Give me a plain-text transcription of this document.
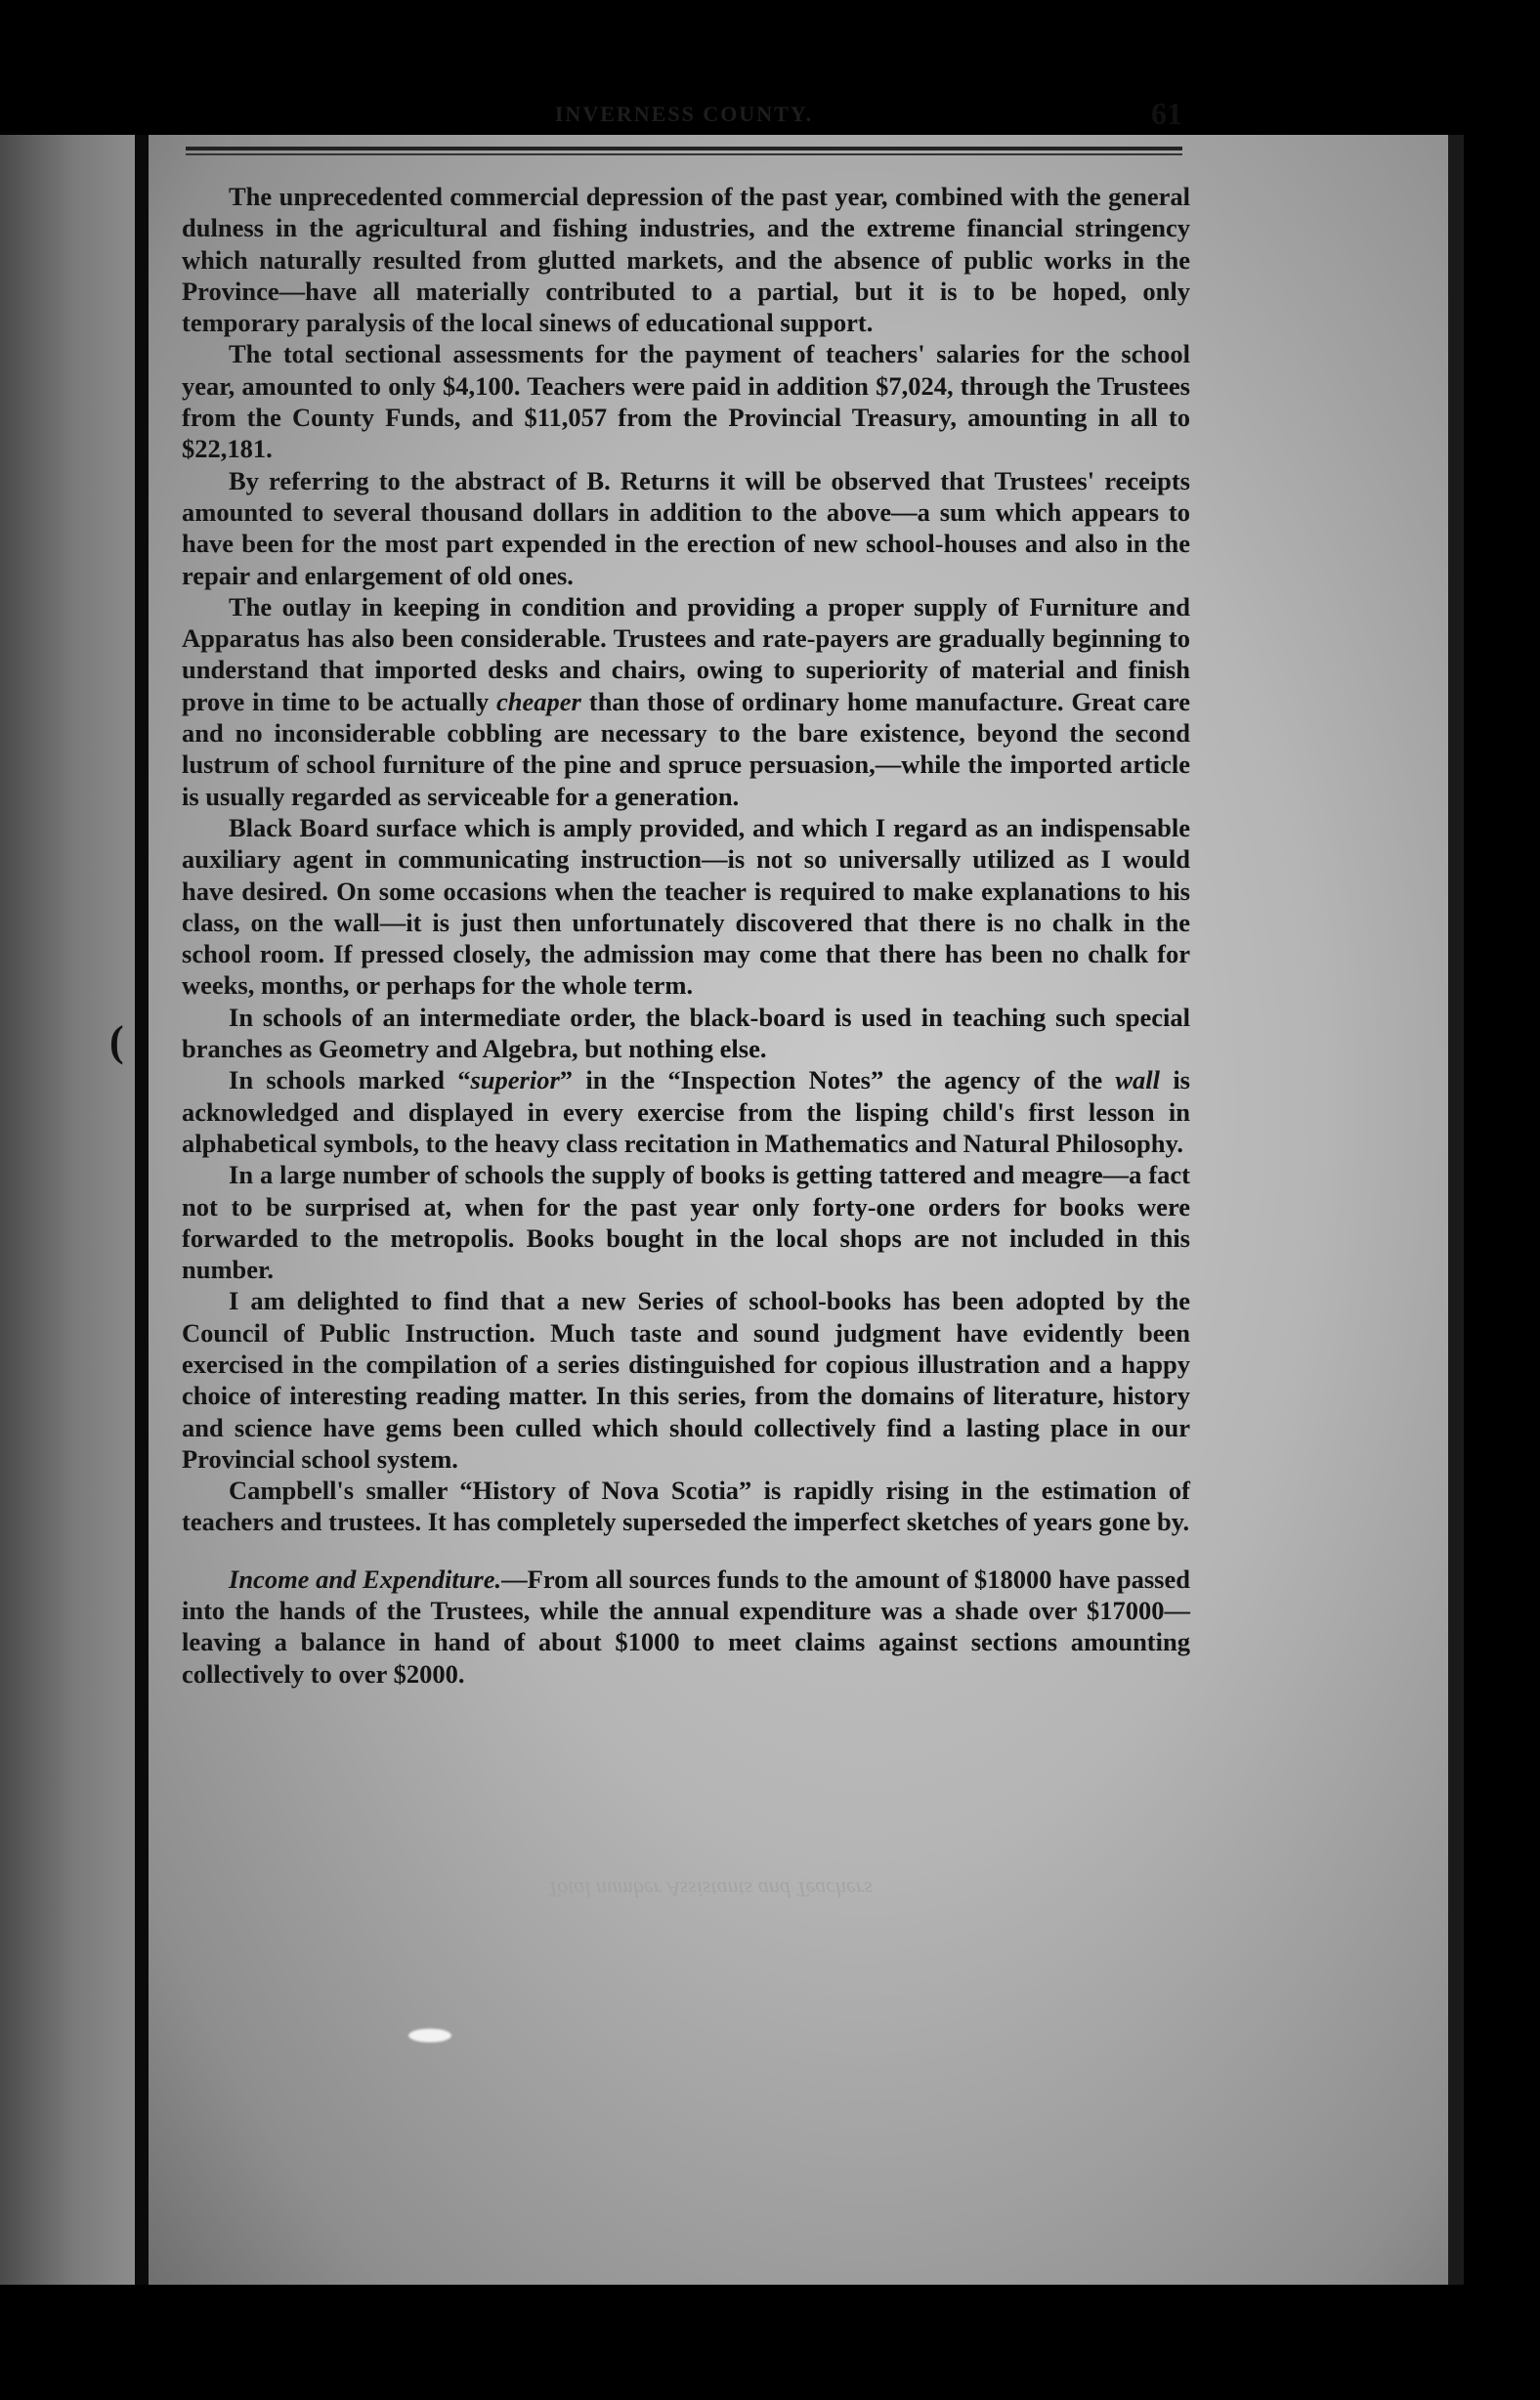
(
INVERNESS COUNTY.	61

The unprecedented commercial depression of the past year, combined with the general dulness in the agricultural and fishing industries, and the extreme financial stringency which naturally resulted from glutted markets, and the absence of public works in the Province—have all materially contributed to a partial, but it is to be hoped, only temporary paralysis of the local sinews of educational support.

The total sectional assessments for the payment of teachers' salaries for the school year, amounted to only $4,100. Teachers were paid in addition $7,024, through the Trustees from the County Funds, and $11,057 from the Provincial Treasury, amounting in all to $22,181.

By referring to the abstract of B. Returns it will be observed that Trustees' receipts amounted to several thousand dollars in addition to the above—a sum which appears to have been for the most part expended in the erection of new school-houses and also in the repair and enlargement of old ones.

The outlay in keeping in condition and providing a proper supply of Furniture and Apparatus has also been considerable. Trustees and rate-payers are gradually beginning to understand that imported desks and chairs, owing to superiority of material and finish prove in time to be actually cheaper than those of ordinary home manufacture. Great care and no inconsiderable cobbling are necessary to the bare existence, beyond the second lustrum of school furniture of the pine and spruce persuasion,—while the imported article is usually regarded as serviceable for a generation.

Black Board surface which is amply provided, and which I regard as an indispensable auxiliary agent in communicating instruction—is not so universally utilized as I would have desired. On some occasions when the teacher is required to make explanations to his class, on the wall—it is just then unfortunately discovered that there is no chalk in the school room. If pressed closely, the admission may come that there has been no chalk for weeks, months, or perhaps for the whole term.

In schools of an intermediate order, the black-board is used in teaching such special branches as Geometry and Algebra, but nothing else.

In schools marked “superior” in the “Inspection Notes” the agency of the wall is acknowledged and displayed in every exercise from the lisping child's first lesson in alphabetical symbols, to the heavy class recitation in Mathematics and Natural Philosophy.

In a large number of schools the supply of books is getting tattered and meagre—a fact not to be surprised at, when for the past year only forty-one orders for books were forwarded to the metropolis. Books bought in the local shops are not included in this number.

I am delighted to find that a new Series of school-books has been adopted by the Council of Public Instruction. Much taste and sound judgment have evidently been exercised in the compilation of a series distinguished for copious illustration and a happy choice of interesting reading matter. In this series, from the domains of literature, history and science have gems been culled which should collectively find a lasting place in our Provincial school system.

Campbell's smaller “History of Nova Scotia” is rapidly rising in the estimation of teachers and trustees. It has completely superseded the imperfect sketches of years gone by.

Income and Expenditure.—From all sources funds to the amount of $18000 have passed into the hands of the Trustees, while the annual expenditure was a shade over $17000—leaving a balance in hand of about $1000 to meet claims against sections amounting collectively to over $2000.

Total number Assistants and Teachers
